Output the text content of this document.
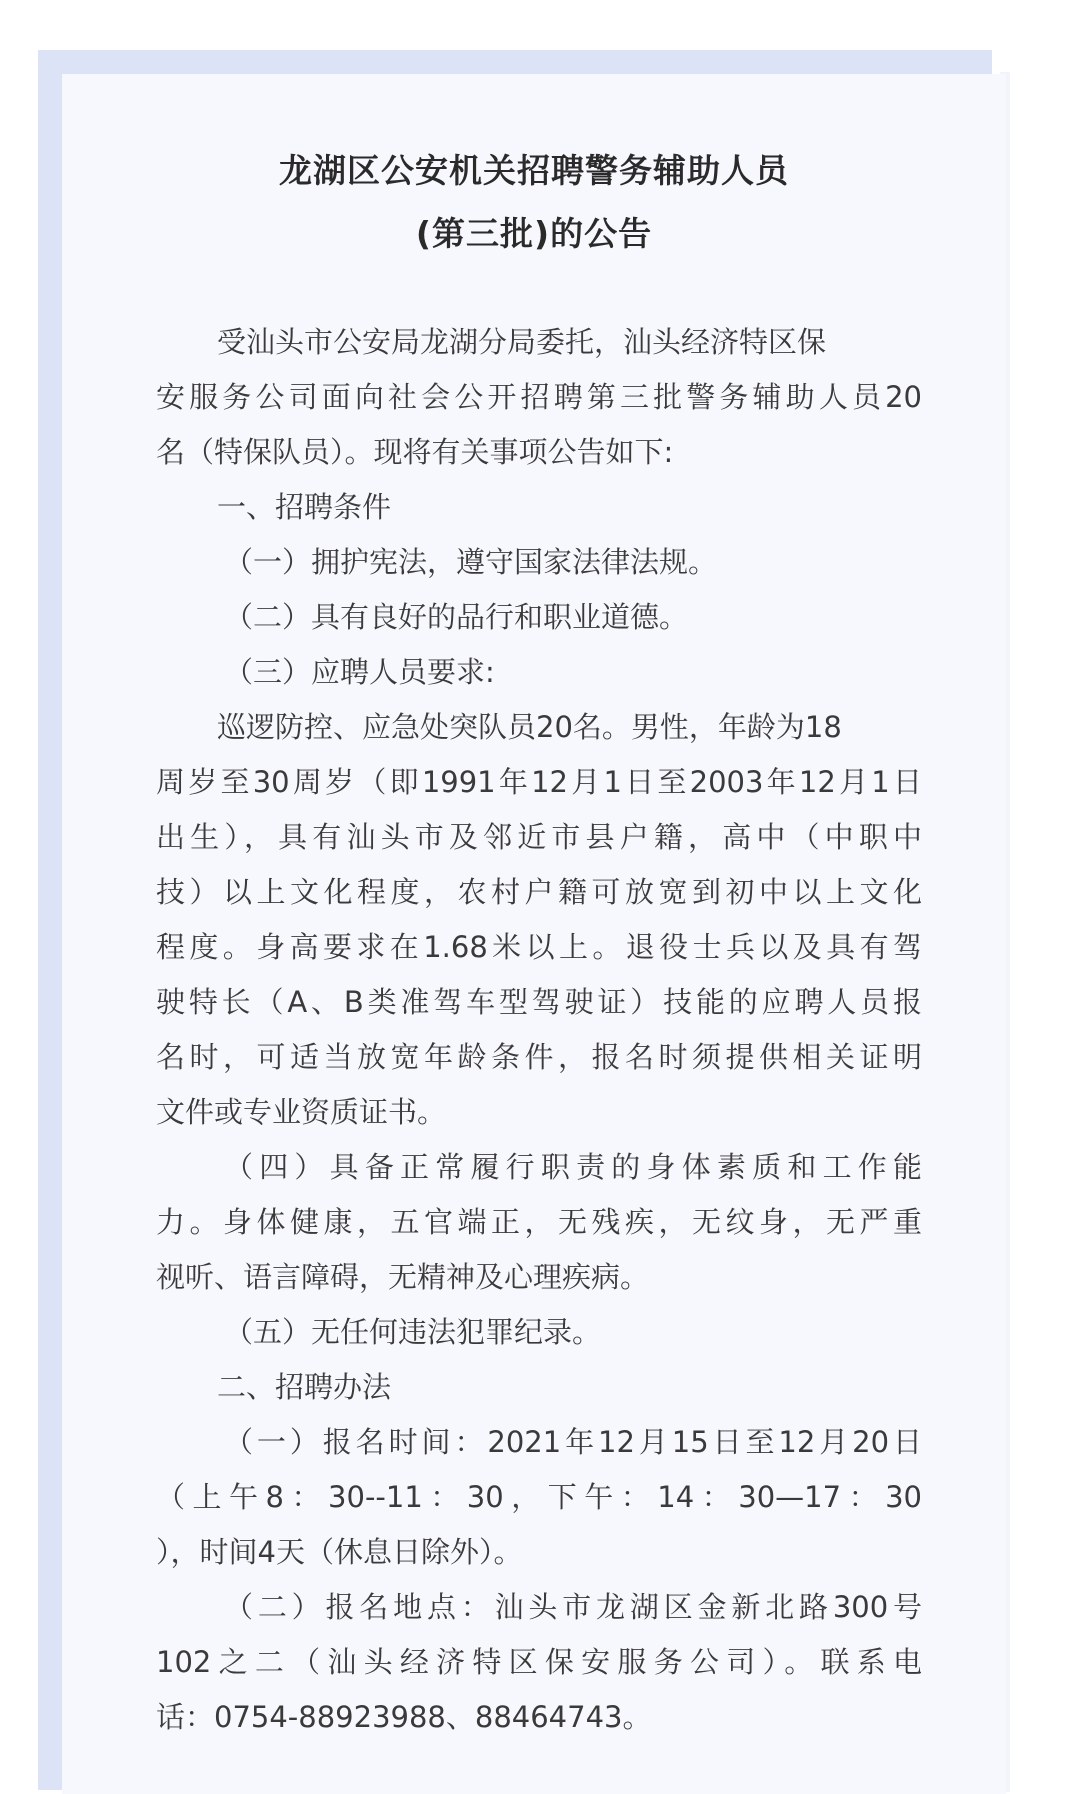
龙湖区公安机关招聘警务辅助人员
(第三批)的公告
受汕头市公安局龙湖分局委托，汕头经济特区保
安服务公司面向社会公开招聘第三批警务辅助人员20
名（特保队员）。现将有关事项公告如下:
一、招聘条件
（一）拥护宪法，遵守国家法律法规。
（二）具有良好的品行和职业道德。
（三）应聘人员要求:
巡逻防控、应急处突队员20名。男性，年龄为18
周岁至30周岁（即1991年12月1日至2003年12月1日
出生），具有汕头市及邻近市县户籍，高中（中职中
技）以上文化程度，农村户籍可放宽到初中以上文化
程度。身高要求在1.68米以上。退役士兵以及具有驾
驶特长（A、B类准驾车型驾驶证）技能的应聘人员报
名时，可适当放宽年龄条件，报名时须提供相关证明
文件或专业资质证书。
（四）具备正常履行职责的身体素质和工作能
力。身体健康，五官端正，无残疾，无纹身，无严重
视听、语言障碍，无精神及心理疾病。
（五）无任何违法犯罪纪录。
二、招聘办法
（一）报名时间：2021年12月15日至12月20日
（上午8：30--11：30，下午：14：30—17：30
），时间4天（休息日除外）。
（二）报名地点：汕头市龙湖区金新北路300号
102之二（汕头经济特区保安服务公司）。联系电
话：0754-88923988、88464743。
